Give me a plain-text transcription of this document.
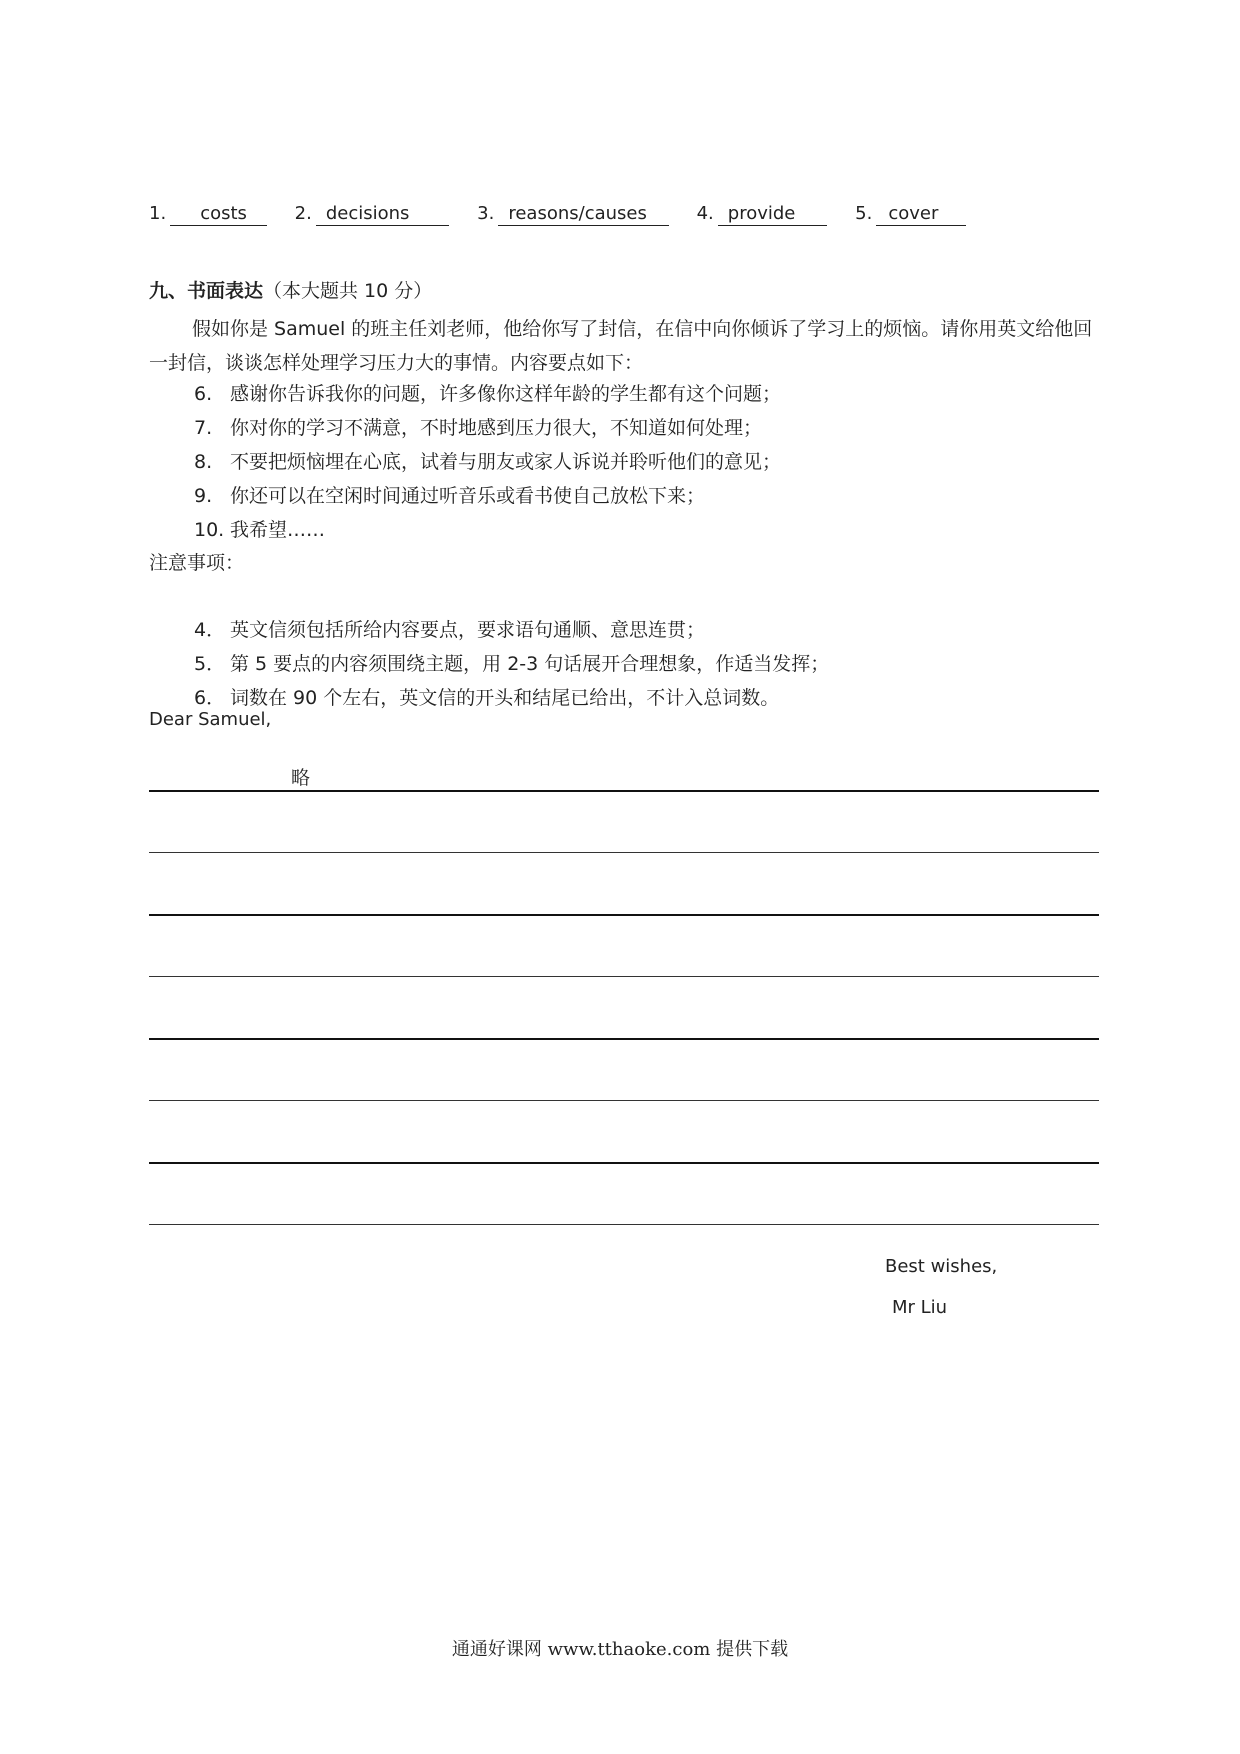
1. costs	2. decisions	3. reasons/causes	4. provide	5. cover
九、书面表达（本大题共 10 分）
假如你是 Samuel 的班主任刘老师，他给你写了封信，在信中向你倾诉了学习上的烦恼。请你用英文给他回一封信，谈谈怎样处理学习压力大的事情。内容要点如下：
6. 感谢你告诉我你的问题，许多像你这样年龄的学生都有这个问题；
7. 你对你的学习不满意，不时地感到压力很大，不知道如何处理；
8. 不要把烦恼埋在心底，试着与朋友或家人诉说并聆听他们的意见；
9. 你还可以在空闲时间通过听音乐或看书使自己放松下来；
10. 我希望……
注意事项：
4． 英文信须包括所给内容要点，要求语句通顺、意思连贯；
5． 第 5 要点的内容须围绕主题，用 2-3 句话展开合理想象，作适当发挥；
6． 词数在 90 个左右，英文信的开头和结尾已给出，不计入总词数。
Dear Samuel,
略
Best wishes,
Mr Liu
通通好课网 www.tthaoke.com 提供下载
